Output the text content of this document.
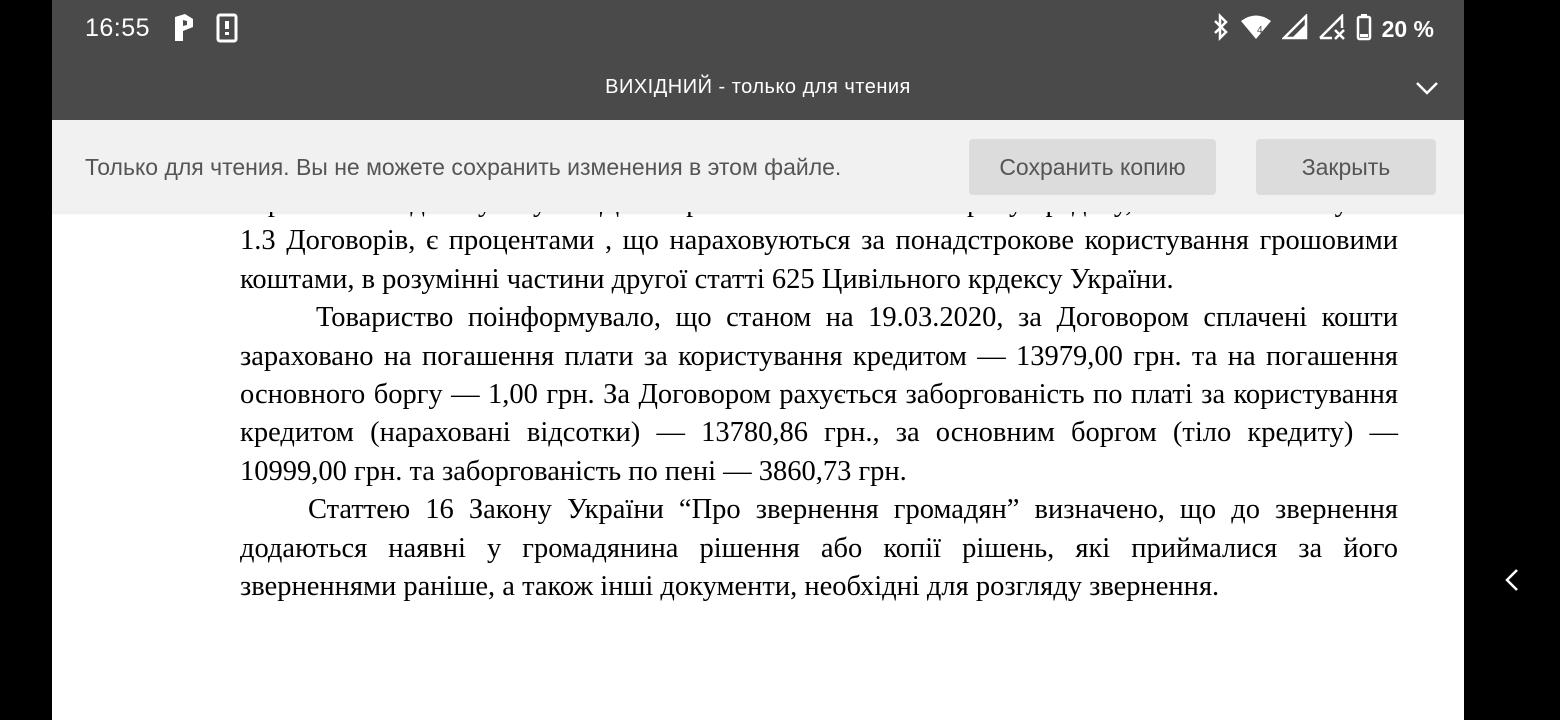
16:55	4	20 %
ВИХІДНИЙ - только для чтения
Только для чтения. Вы не можете сохранить изменения в этом файле.	Сохранить копию	Закрыть

1.3 Договорів, є процентами , що нараховуються за понадстрокове користування грошовими коштами, в розумінні частини другої статті 625 Цивільного крдексу України.

Товариство поінформувало, що станом на 19.03.2020, за Договором сплачені кошти зараховано на погашення плати за користування кредитом — 13979,00 грн. та на погашення основного боргу — 1,00 грн. За Договором рахується заборгованість по платі за користування кредитом (нараховані відсотки) — 13780,86 грн., за основним боргом (тіло кредиту) — 10999,00 грн. та заборгованість по пені — 3860,73 грн.

Статтею 16 Закону України “Про звернення громадян” визначено, що до звернення додаються наявні у громадянина рішення або копії рішень, які приймалися за його зверненнями раніше, а також інші документи, необхідні для розгляду звернення.
